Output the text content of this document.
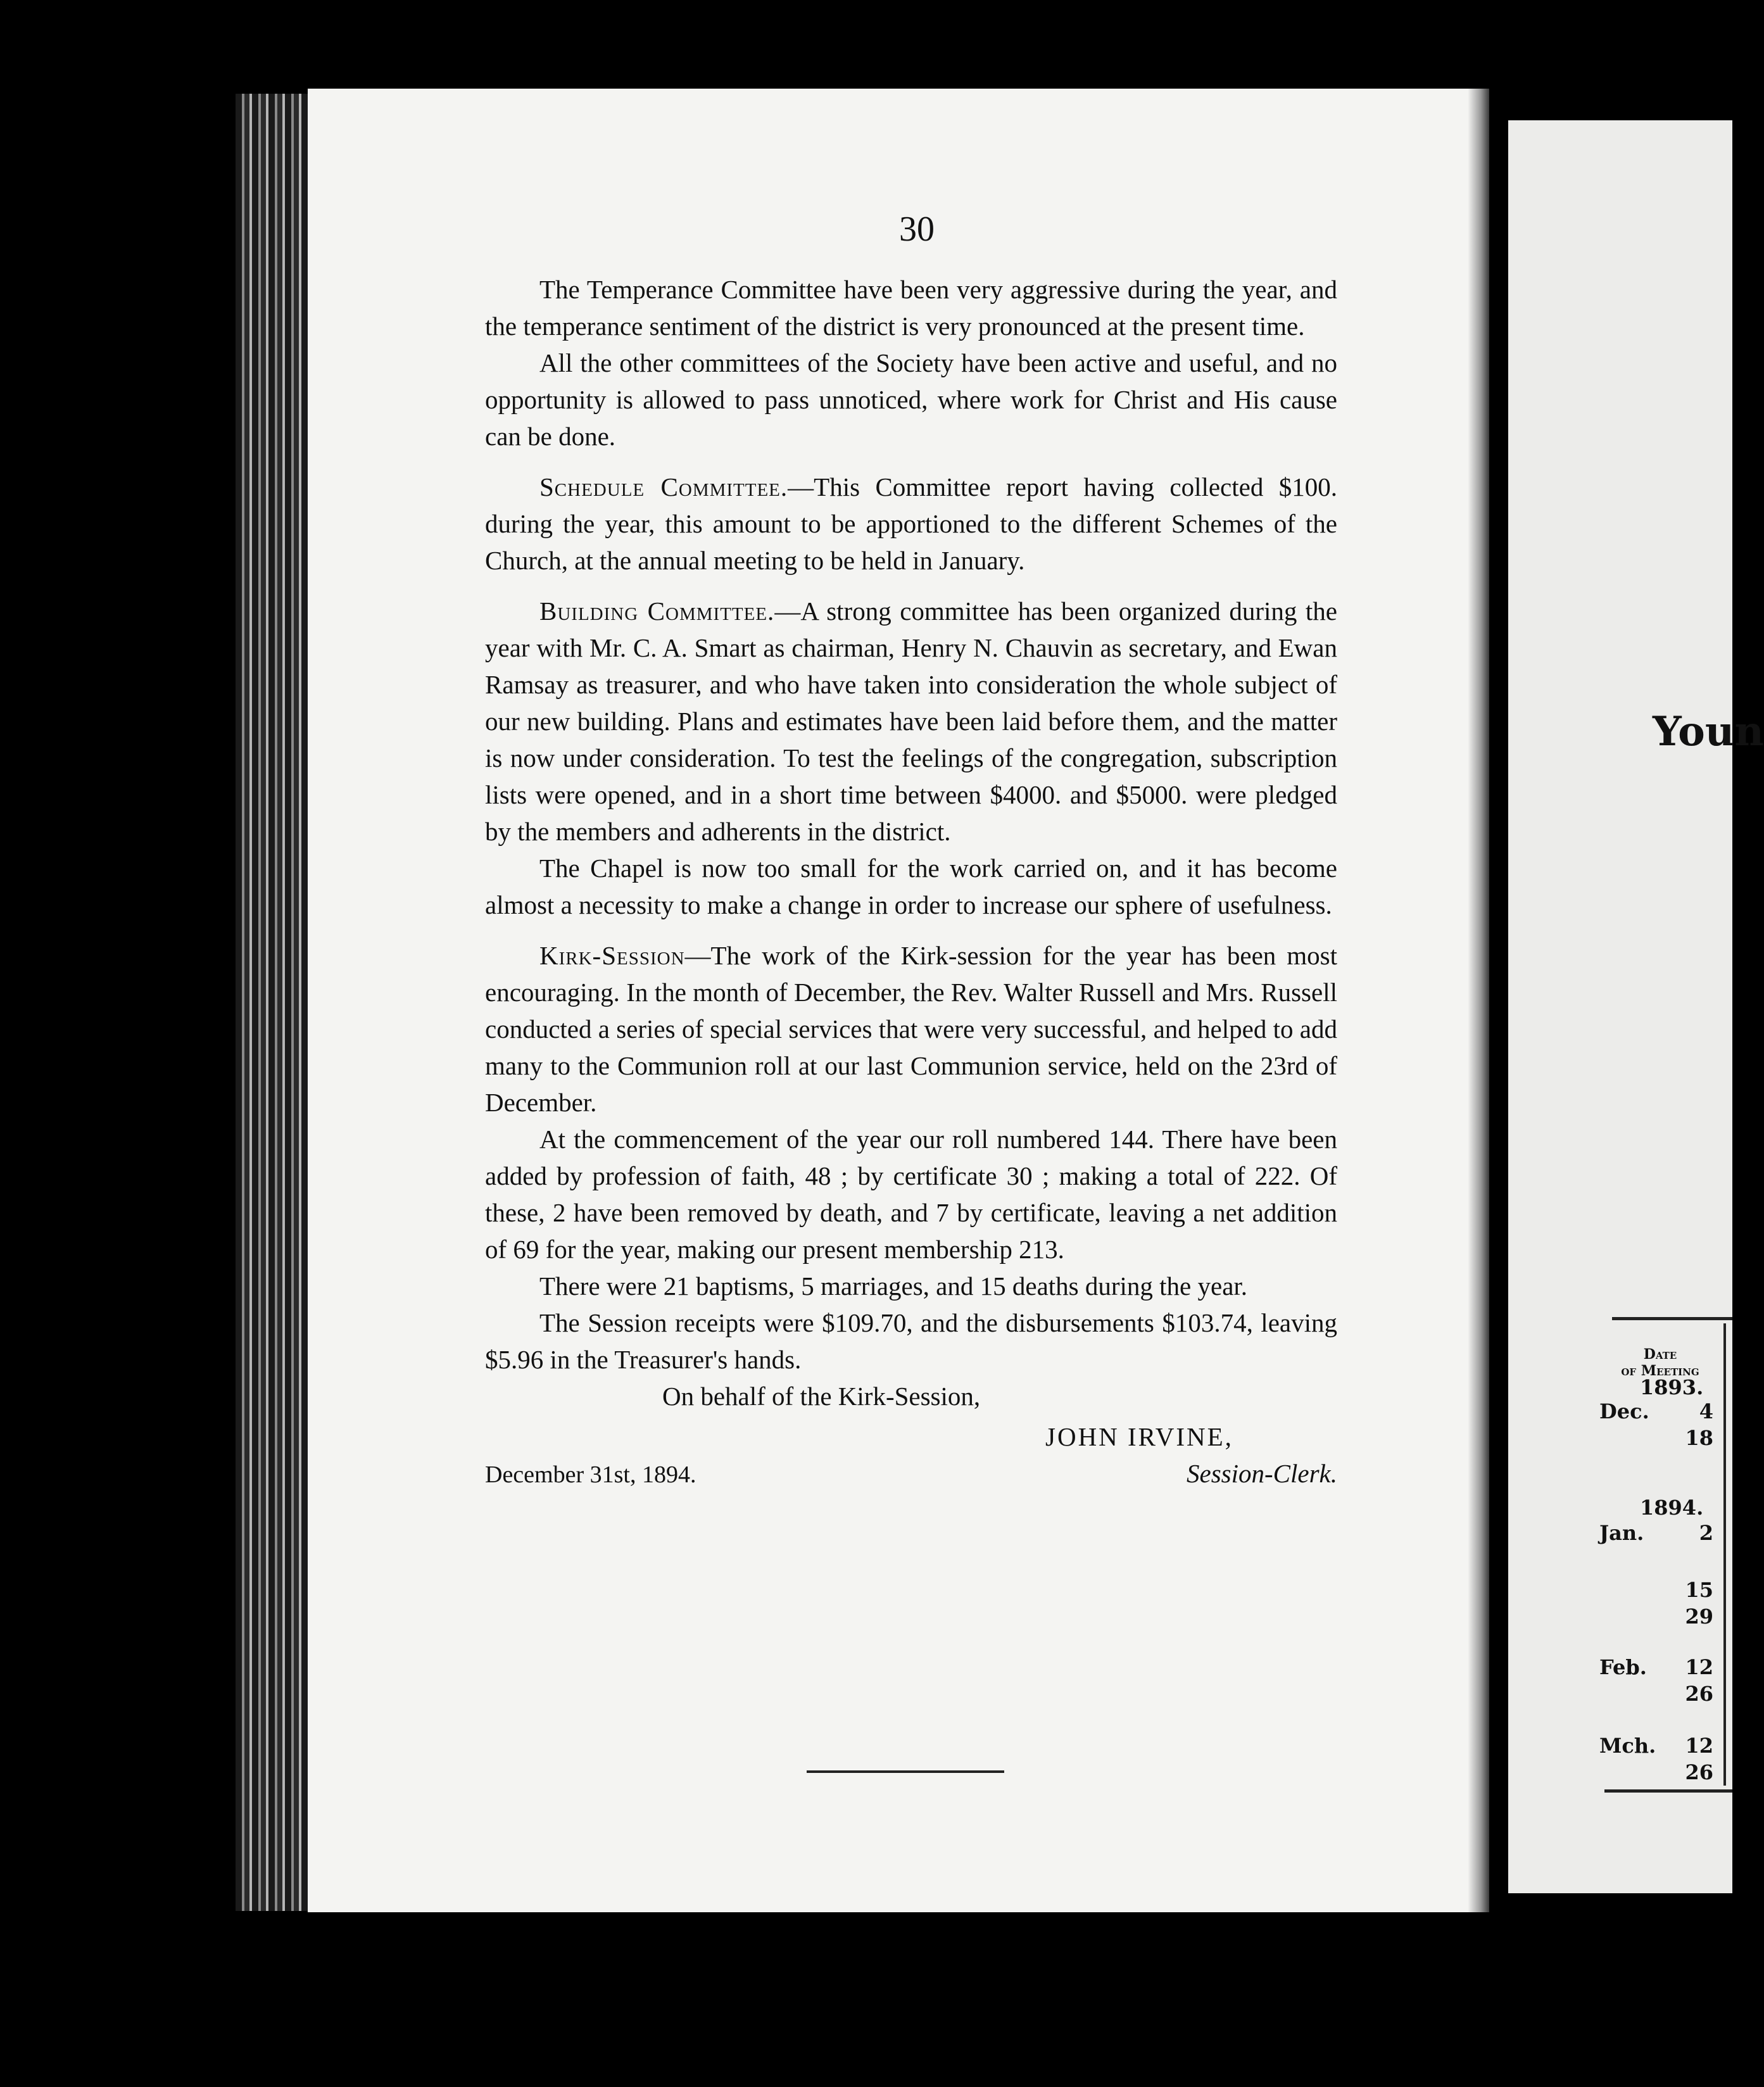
30

The Temperance Committee have been very aggressive during the year, and the temperance sentiment of the district is very pronounced at the present time.

All the other committees of the Society have been active and useful, and no opportunity is allowed to pass unnoticed, where work for Christ and His cause can be done.

Schedule Committee.—This Committee report having collected $100. during the year, this amount to be apportioned to the different Schemes of the Church, at the annual meeting to be held in January.

Building Committee.—A strong committee has been organized during the year with Mr. C. A. Smart as chairman, Henry N. Chauvin as secretary, and Ewan Ramsay as treasurer, and who have taken into consideration the whole subject of our new building. Plans and estimates have been laid before them, and the matter is now under consideration. To test the feelings of the congregation, subscription lists were opened, and in a short time between $4000. and $5000. were pledged by the members and adherents in the district.

The Chapel is now too small for the work carried on, and it has become almost a necessity to make a change in order to increase our sphere of usefulness.

Kirk-Session—The work of the Kirk-session for the year has been most encouraging. In the month of December, the Rev. Walter Russell and Mrs. Russell conducted a series of special services that were very successful, and helped to add many to the Communion roll at our last Communion service, held on the 23rd of December.

At the commencement of the year our roll numbered 144. There have been added by profession of faith, 48 ; by certificate 30 ; making a total of 222. Of these, 2 have been removed by death, and 7 by certificate, leaving a net addition of 69 for the year, making our present membership 213.

There were 21 baptisms, 5 marriages, and 15 deaths during the year.

The Session receipts were $109.70, and the disbursements $103.74, leaving $5.96 in the Treasurer's hands.

On behalf of the Kirk-Session,

JOHN IRVINE,

December 31st, 1894.	Session-Clerk.
Youn
Date
of Meeting
1893.
Dec. 4
18
1894.
Jan.	2
15
29
Feb. 12
26
Mch. 12
26
